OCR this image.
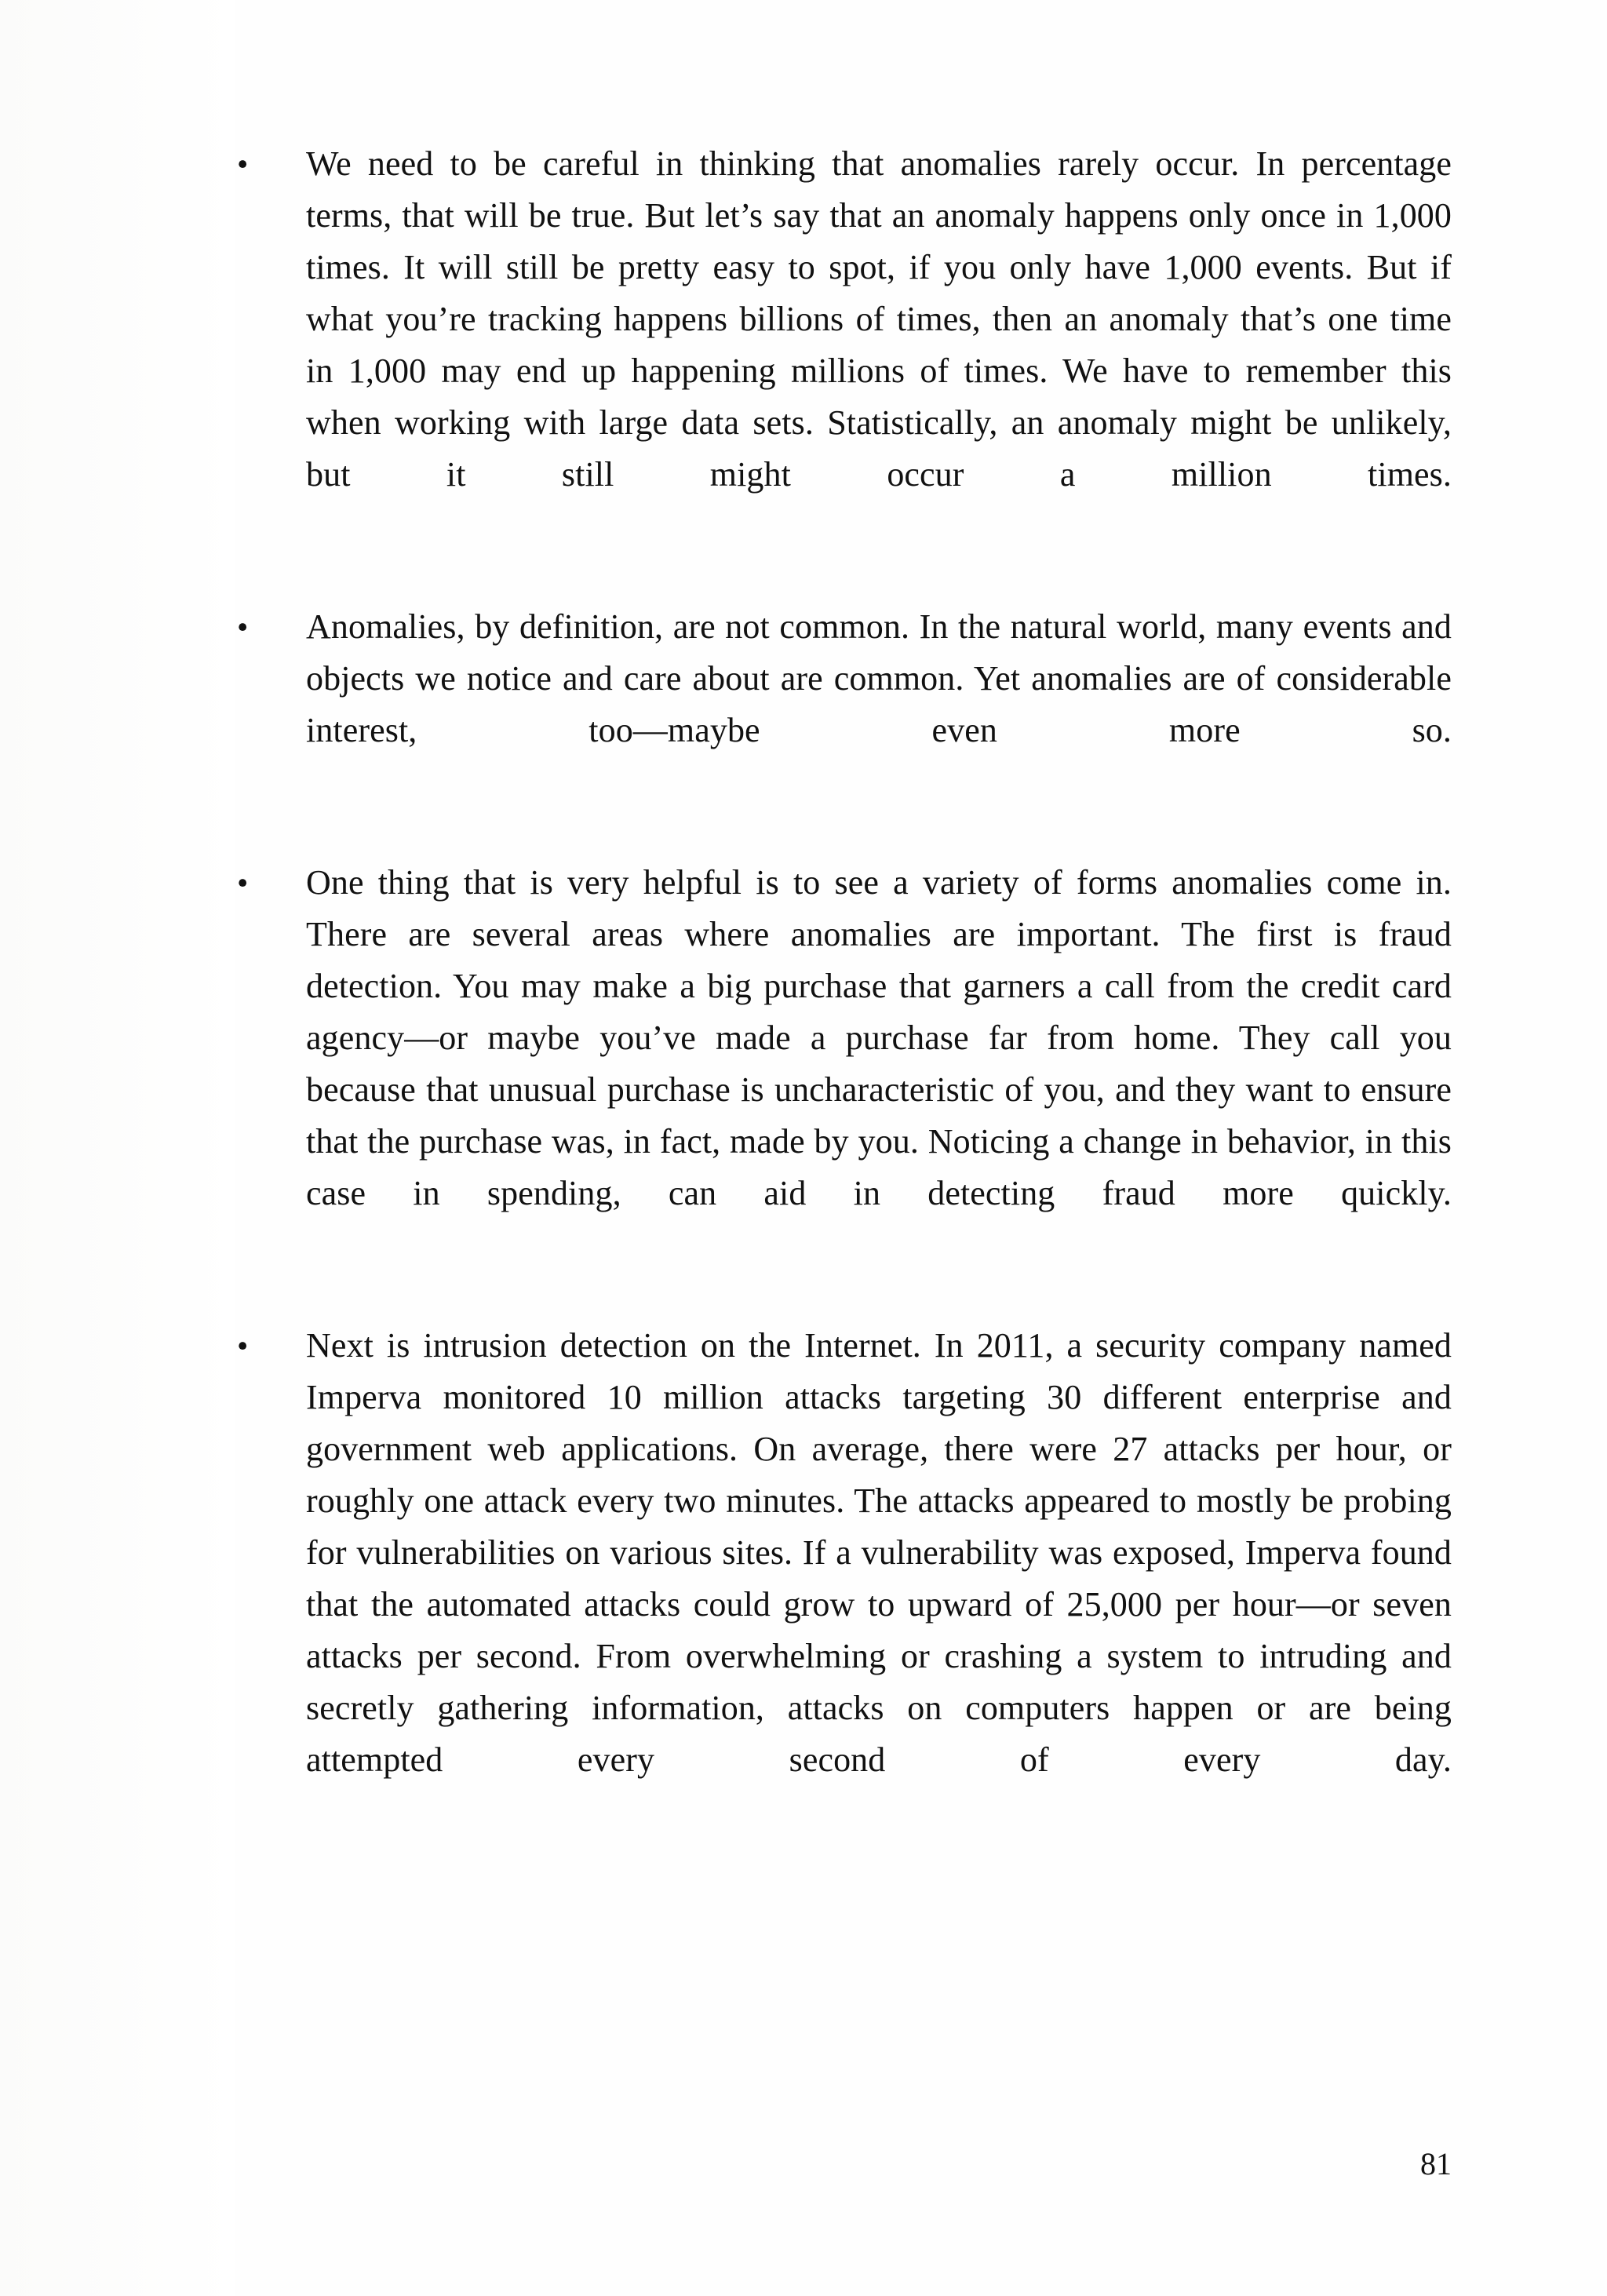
•	We need to be careful in thinking that anomalies rarely occur. In percentage terms, that will be true. But let’s say that an anomaly happens only once in 1,000 times. It will still be pretty easy to spot, if you only have 1,000 events. But if what you’re tracking happens billions of times, then an anomaly that’s one time in 1,000 may end up happening millions of times. We have to remember this when working with large data sets. Statistically, an anomaly might be unlikely, but it still might occur a million times.
•	Anomalies, by definition, are not common. In the natural world, many events and objects we notice and care about are common. Yet anomalies are of considerable interest, too—maybe even more so.
•	One thing that is very helpful is to see a variety of forms anomalies come in. There are several areas where anomalies are important. The first is fraud detection. You may make a big purchase that garners a call from the credit card agency—or maybe you’ve made a purchase far from home. They call you because that unusual purchase is uncharacteristic of you, and they want to ensure that the purchase was, in fact, made by you. Noticing a change in behavior, in this case in spending, can aid in detecting fraud more quickly.
•	Next is intrusion detection on the Internet. In 2011, a security company named Imperva monitored 10 million attacks targeting 30 different enterprise and government web applications. On average, there were 27 attacks per hour, or roughly one attack every two minutes. The attacks appeared to mostly be probing for vulnerabilities on various sites. If a vulnerability was exposed, Imperva found that the automated attacks could grow to upward of 25,000 per hour—or seven attacks per second. From overwhelming or crashing a system to intruding and secretly gathering information, attacks on computers happen or are being attempted every second of every day.
81
